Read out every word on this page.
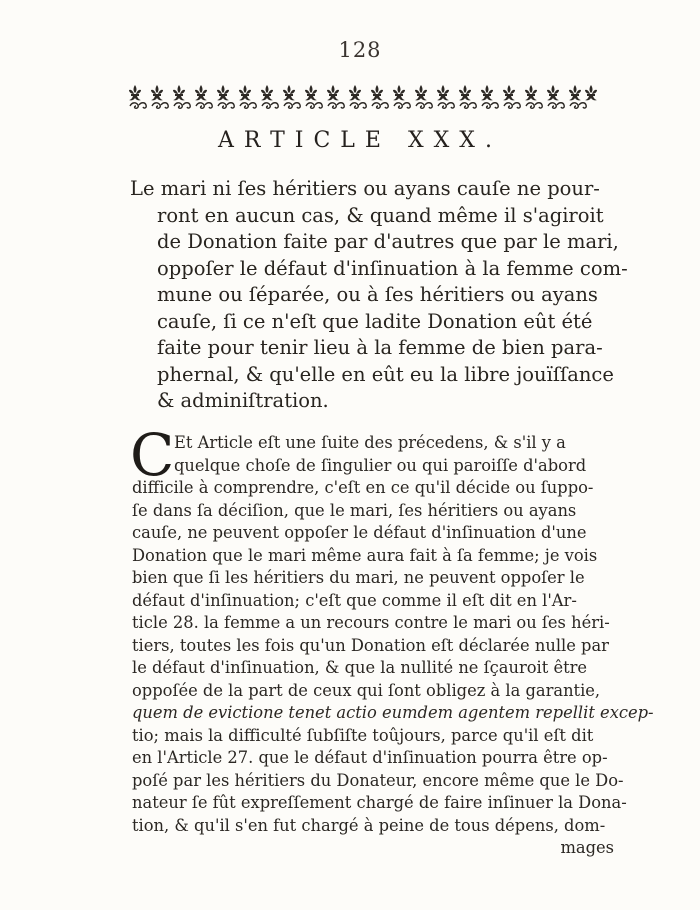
128
ARTICLE XXX.
Le mari ni ſes héritiers ou ayans cauſe ne pour-
ront en aucun cas, & quand même il s'agiroit
de Donation faite par d'autres que par le mari,
oppoſer le défaut d'inſinuation à la femme com-
mune ou ſéparée, ou à ſes héritiers ou ayans
cauſe, ſi ce n'eſt que ladite Donation eût été
faite pour tenir lieu à la femme de bien para-
phernal, & qu'elle en eût eu la libre jouïſſance
& adminiſtration.
C Et Article eſt une ſuite des précedens, & s'il y a
quelque choſe de ſingulier ou qui paroiſſe d'abord
difficile à comprendre, c'eſt en ce qu'il décide ou ſuppo-
ſe dans ſa déciſion, que le mari, ſes héritiers ou ayans
cauſe, ne peuvent oppoſer le défaut d'inſinuation d'une
Donation que le mari même aura fait à ſa femme; je vois
bien que ſi les héritiers du mari, ne peuvent oppoſer le
défaut d'inſinuation; c'eſt que comme il eſt dit en l'Ar-
ticle 28. la femme a un recours contre le mari ou ſes héri-
tiers, toutes les fois qu'un Donation eſt déclarée nulle par
le défaut d'inſinuation, & que la nullité ne ſçauroit être
oppoſée de la part de ceux qui ſont obligez à la garantie,
quem de evictione tenet actio eumdem agentem repellit excep-
tio; mais la difficulté ſubſiſte toûjours, parce qu'il eſt dit
en l'Article 27. que le défaut d'inſinuation pourra être op-
poſé par les héritiers du Donateur, encore même que le Do-
nateur ſe fût expreſſement chargé de faire inſinuer la Dona-
tion, & qu'il s'en fut chargé à peine de tous dépens, dom-
mages
